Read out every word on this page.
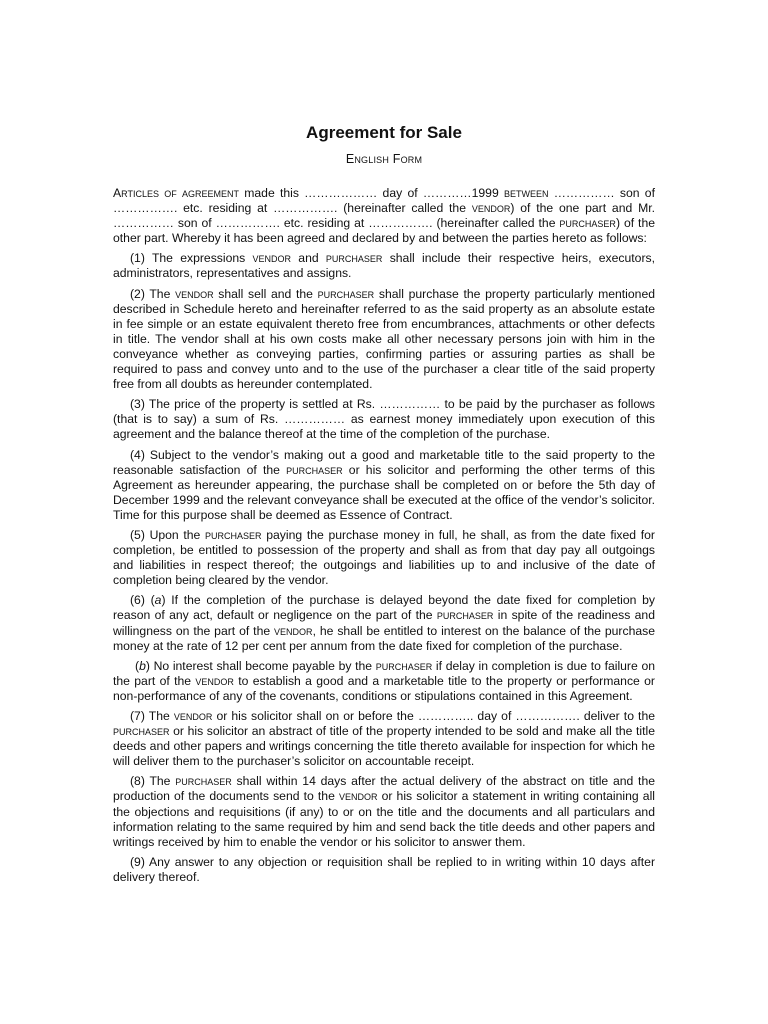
Agreement for Sale
English Form

Articles of agreement made this ……………… day of …………1999 between …………… son of ……………. etc. residing at ……………. (hereinafter called the vendor) of the one part and Mr. …………… son of ……………. etc. residing at ……………. (hereinafter called the purchaser) of the other part. Whereby it has been agreed and declared by and between the parties hereto as follows:

(1) The expressions vendor and purchaser shall include their respective heirs, executors, administrators, representatives and assigns.

(2) The vendor shall sell and the purchaser shall purchase the property particularly mentioned described in Schedule hereto and hereinafter referred to as the said property as an absolute estate in fee simple or an estate equivalent thereto free from encumbrances, attachments or other defects in title. The vendor shall at his own costs make all other necessary persons join with him in the conveyance whether as conveying parties, confirming parties or assuring parties as shall be required to pass and convey unto and to the use of the purchaser a clear title of the said property free from all doubts as hereunder contemplated.

(3) The price of the property is settled at Rs. …………… to be paid by the purchaser as follows (that is to say) a sum of Rs. …………… as earnest money immediately upon execution of this agreement and the balance thereof at the time of the completion of the purchase.

(4) Subject to the vendor’s making out a good and marketable title to the said property to the reasonable satisfaction of the purchaser or his solicitor and performing the other terms of this Agreement as hereunder appearing, the purchase shall be completed on or before the 5th day of December 1999 and the relevant conveyance shall be executed at the office of the vendor’s solicitor. Time for this purpose shall be deemed as Essence of Contract.

(5) Upon the purchaser paying the purchase money in full, he shall, as from the date fixed for completion, be entitled to possession of the property and shall as from that day pay all outgoings and liabilities in respect thereof; the outgoings and liabilities up to and inclusive of the date of completion being cleared by the vendor.

(6) (a) If the completion of the purchase is delayed beyond the date fixed for completion by reason of any act, default or negligence on the part of the purchaser in spite of the readiness and willingness on the part of the vendor, he shall be entitled to interest on the balance of the purchase money at the rate of 12 per cent per annum from the date fixed for completion of the purchase.

(b) No interest shall become payable by the purchaser if delay in completion is due to failure on the part of the vendor to establish a good and a marketable title to the property or performance or non-performance of any of the covenants, conditions or stipulations contained in this Agreement.

(7) The vendor or his solicitor shall on or before the ………….. day of ……………. deliver to the purchaser or his solicitor an abstract of title of the property intended to be sold and make all the title deeds and other papers and writings concerning the title thereto available for inspection for which he will deliver them to the purchaser’s solicitor on accountable receipt.

(8) The purchaser shall within 14 days after the actual delivery of the abstract on title and the production of the documents send to the vendor or his solicitor a statement in writing containing all the objections and requisitions (if any) to or on the title and the documents and all particulars and information relating to the same required by him and send back the title deeds and other papers and writings received by him to enable the vendor or his solicitor to answer them.

(9) Any answer to any objection or requisition shall be replied to in writing within 10 days after delivery thereof.
